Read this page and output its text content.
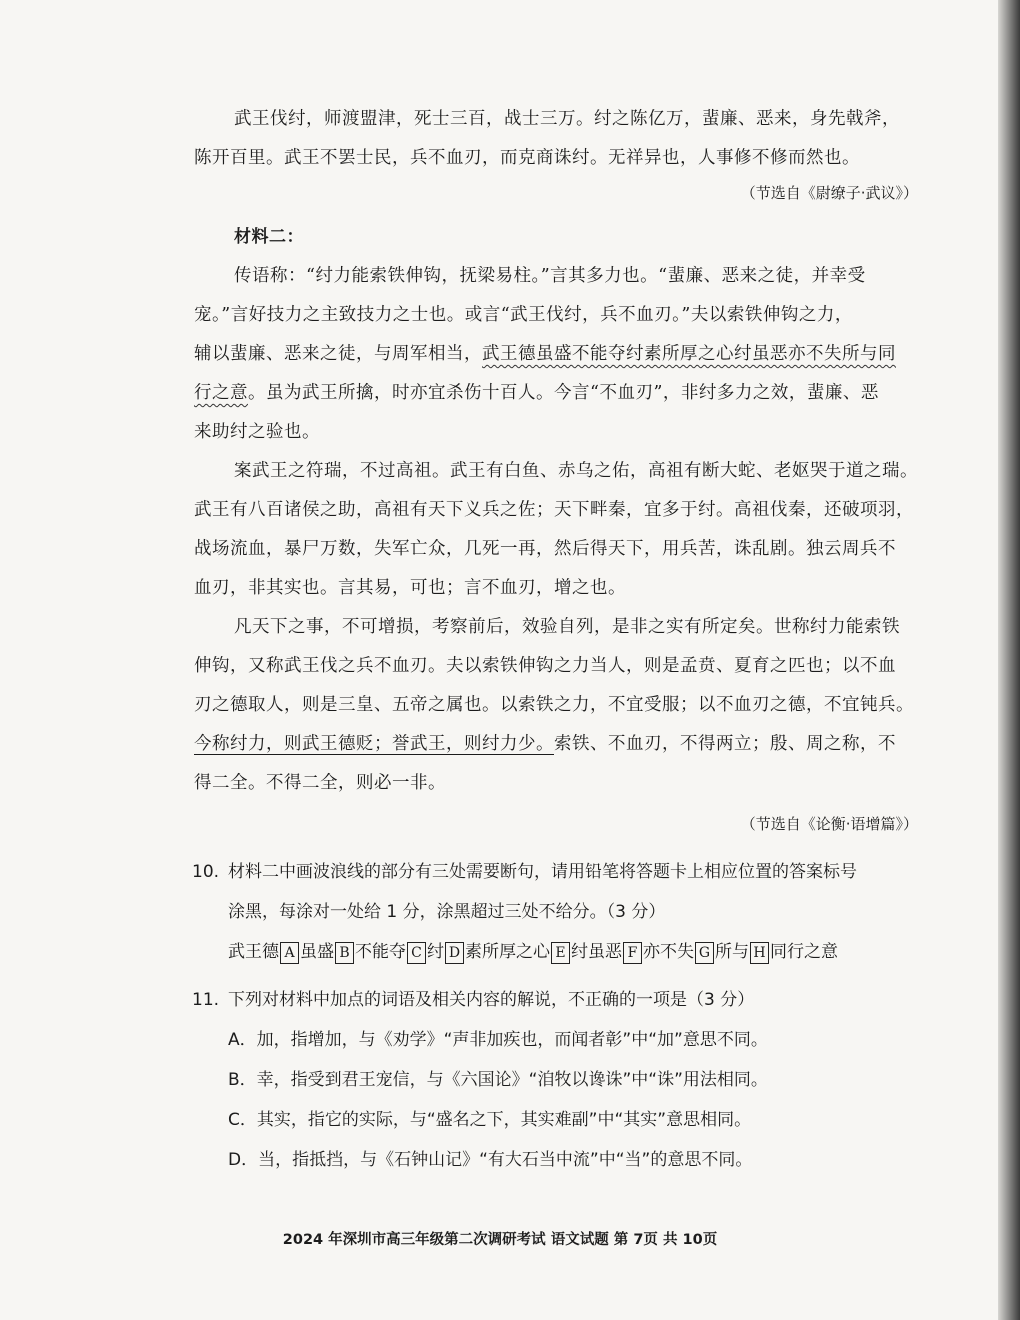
武王伐纣，师渡盟津，死士三百，战士三万。纣之陈亿万，蜚廉、恶来，身先戟斧，
陈开百里。武王不罢士民，兵不血刃，而克商诛纣。无祥异也，人事修不修而然也。
（节选自《尉缭子·武议》）
材料二：
传语称：“纣力能索铁伸钩，抚梁易柱。”言其多力也。“蜚廉、恶来之徒，并幸受
宠。”言好技力之主致技力之士也。或言“武王伐纣，兵不血刃。”夫以索铁伸钩之力，
辅以蜚廉、恶来之徒，与周军相当，武王德虽盛不能夺纣素所厚之心纣虽恶亦不失所与同
行之意。虽为武王所擒，时亦宜杀伤十百人。今言“不血刃”，非纣多力之效，蜚廉、恶
来助纣之验也。
案武王之符瑞，不过高祖。武王有白鱼、赤乌之佑，高祖有断大蛇、老妪哭于道之瑞。
武王有八百诸侯之助，高祖有天下义兵之佐；天下畔秦，宜多于纣。高祖伐秦，还破项羽，
战场流血，暴尸万数，失军亡众，几死一再，然后得天下，用兵苦，诛乱剧。独云周兵不
血刃，非其实也。言其易，可也；言不血刃，增之也。
凡天下之事，不可增损，考察前后，效验自列，是非之实有所定矣。世称纣力能索铁
伸钩，又称武王伐之兵不血刃。夫以索铁伸钩之力当人，则是孟贲、夏育之匹也；以不血
刃之德取人，则是三皇、五帝之属也。以索铁之力，不宜受服；以不血刃之德，不宜钝兵。
今称纣力，则武王德贬；誉武王，则纣力少。索铁、不血刃，不得两立；殷、周之称，不
得二全。不得二全，则必一非。
（节选自《论衡·语增篇》）
10. 材料二中画波浪线的部分有三处需要断句，请用铅笔将答题卡上相应位置的答案标号
涂黑，每涂对一处给 1 分，涂黑超过三处不给分。（3 分）
武王德 A 虽盛 B 不能夺 C 纣 D 素所厚之心 E 纣虽恶 F 亦不失 G 所与 H 同行之意
11. 下列对材料中加点的词语及相关内容的解说，不正确的一项是（3 分）
A．加，指增加，与《劝学》“声非加疾也，而闻者彰”中“加”意思不同。
B．幸，指受到君王宠信，与《六国论》“洎牧以谗诛”中“诛”用法相同。
C．其实，指它的实际，与“盛名之下，其实难副”中“其实”意思相同。
D．当，指抵挡，与《石钟山记》“有大石当中流”中“当”的意思不同。
2024 年深圳市高三年级第二次调研考试 语文试题 第 7页 共 10页
